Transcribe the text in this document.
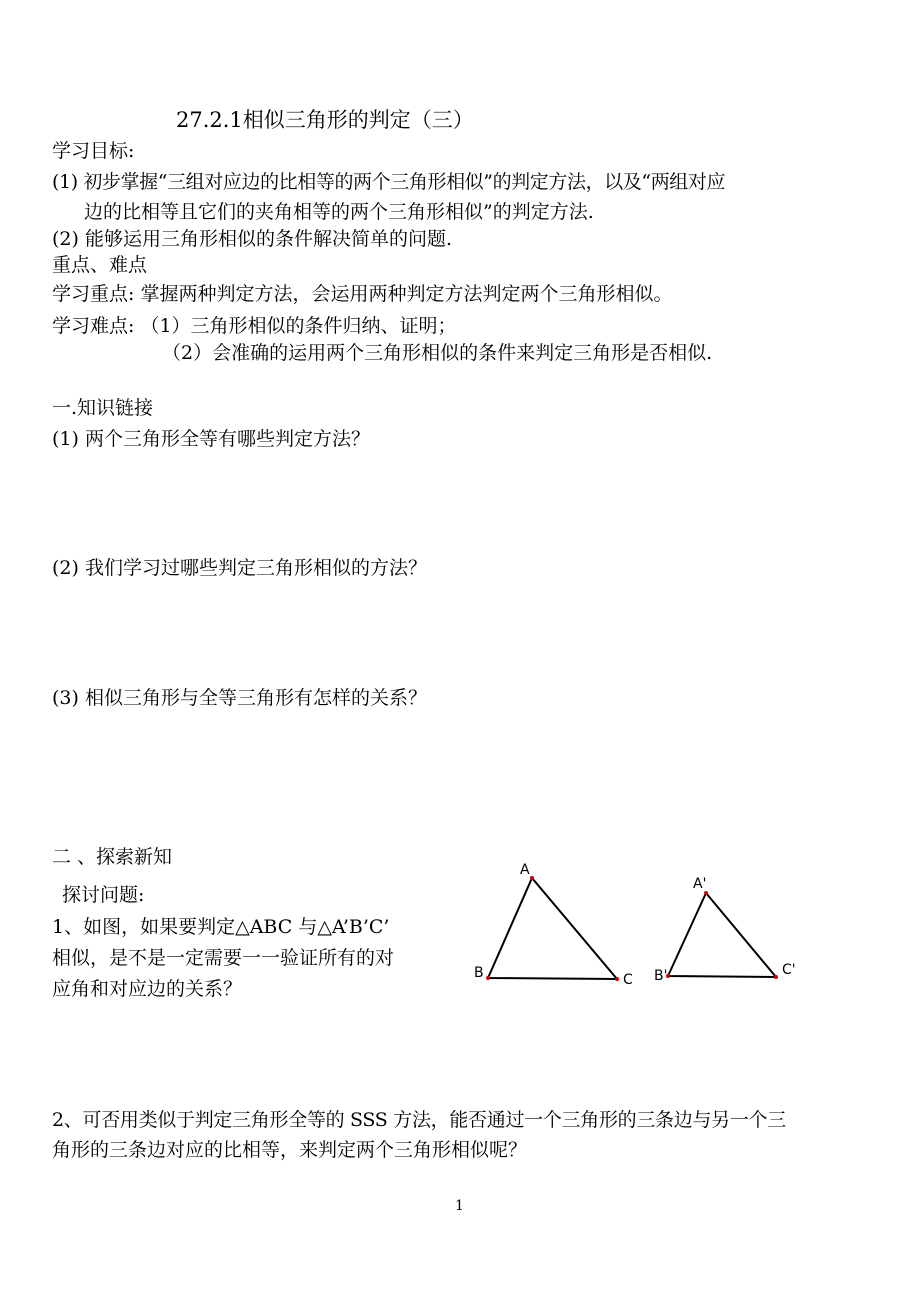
27.2.1相似三角形的判定（三）
学习目标:
(1) 初步掌握“三组对应边的比相等的两个三角形相似”的判定方法，以及“两组对应
边的比相等且它们的夹角相等的两个三角形相似”的判定方法.
(2) 能够运用三角形相似的条件解决简单的问题.
重点、难点
学习重点: 掌握两种判定方法，会运用两种判定方法判定两个三角形相似。
学习难点: （1）三角形相似的条件归纳、证明；
（2）会准确的运用两个三角形相似的条件来判定三角形是否相似.
一.知识链接
(1) 两个三角形全等有哪些判定方法？
(2) 我们学习过哪些判定三角形相似的方法？
(3) 相似三角形与全等三角形有怎样的关系？
二 、探索新知
探讨问题:
1、如图，如果要判定△ABC 与△A’B’C’
相似，是不是一定需要一一验证所有的对
应角和对应边的关系？
A
B	C
A'
B'	C'
2、可否用类似于判定三角形全等的 SSS 方法，能否通过一个三角形的三条边与另一个三
角形的三条边对应的比相等，来判定两个三角形相似呢？
1
